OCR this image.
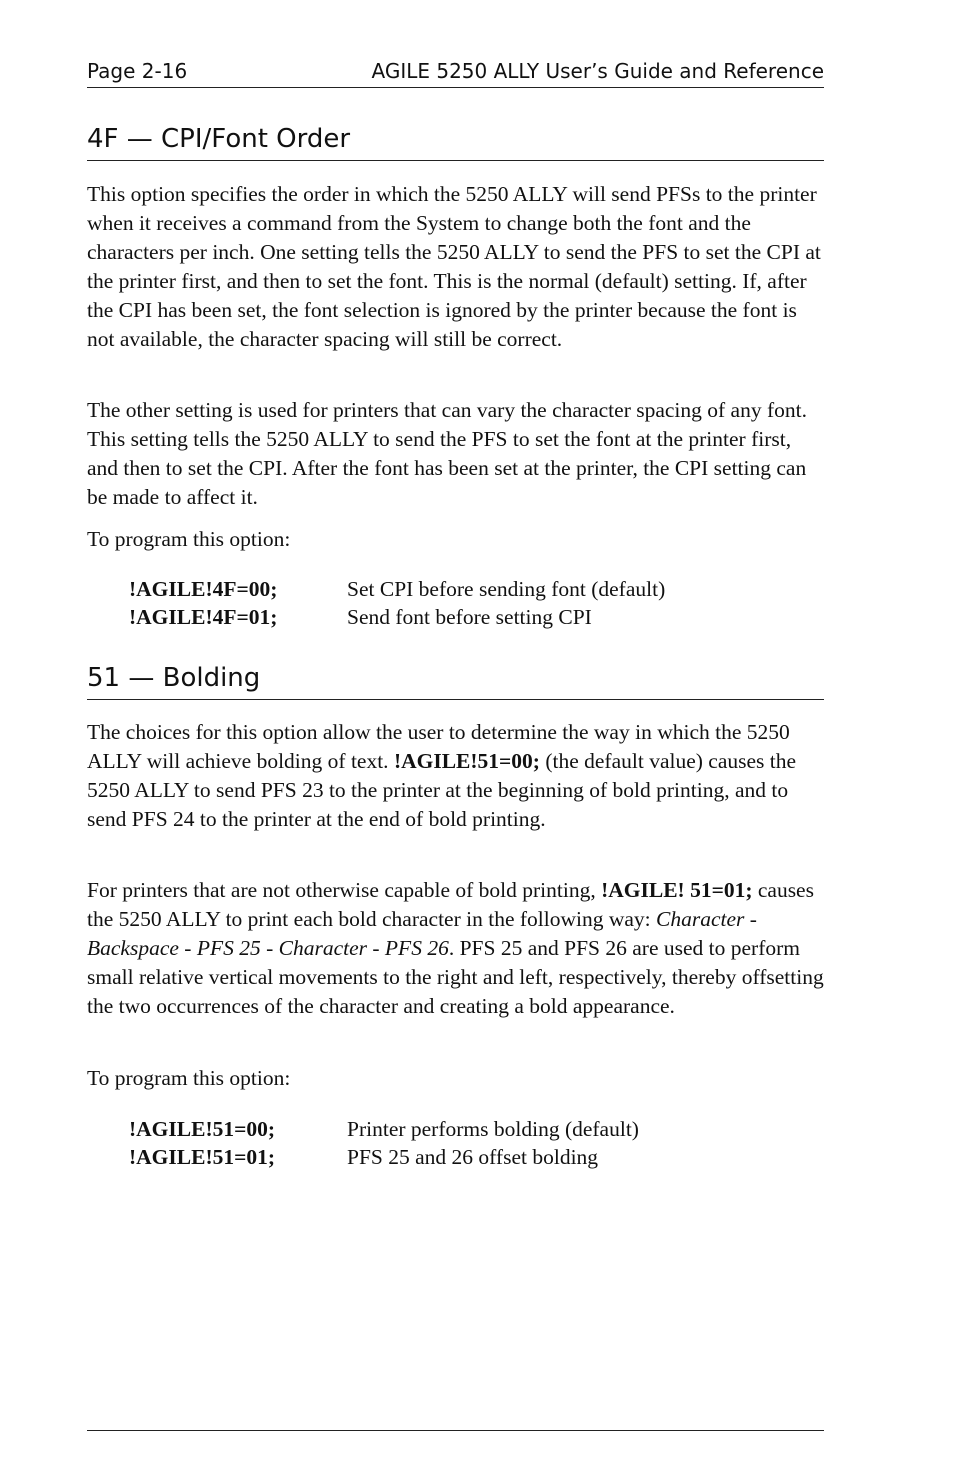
Page 2-16	AGILE 5250 ALLY User’s Guide and Reference
4F — CPI/Font Order

This option specifies the order in which the 5250 ALLY will send PFSs to the printer when it receives a command from the System to change both the font and the characters per inch. One setting tells the 5250 ALLY to send the PFS to set the CPI at the printer first, and then to set the font. This is the normal (default) setting. If, after the CPI has been set, the font selection is ignored by the printer because the font is not available, the character spacing will still be correct.

The other setting is used for printers that can vary the character spacing of any font. This setting tells the 5250 ALLY to send the PFS to set the font at the printer first, and then to set the CPI. After the font has been set at the printer, the CPI setting can be made to affect it.

To program this option:

!AGILE!4F=00;	Set CPI before sending font (default)
!AGILE!4F=01;	Send font before setting CPI
51 — Bolding

The choices for this option allow the user to determine the way in which the 5250 ALLY will achieve bolding of text. !AGILE!51=00; (the default value) causes the 5250 ALLY to send PFS 23 to the printer at the beginning of bold printing, and to send PFS 24 to the printer at the end of bold printing.

For printers that are not otherwise capable of bold printing, !AGILE! 51=01; causes the 5250 ALLY to print each bold character in the following way: Character - Backspace - PFS 25 - Character - PFS 26. PFS 25 and PFS 26 are used to perform small relative vertical movements to the right and left, respectively, thereby offsetting the two occurrences of the character and creating a bold appearance.

To program this option:

!AGILE!51=00;	Printer performs bolding (default)
!AGILE!51=01;	PFS 25 and 26 offset bolding
